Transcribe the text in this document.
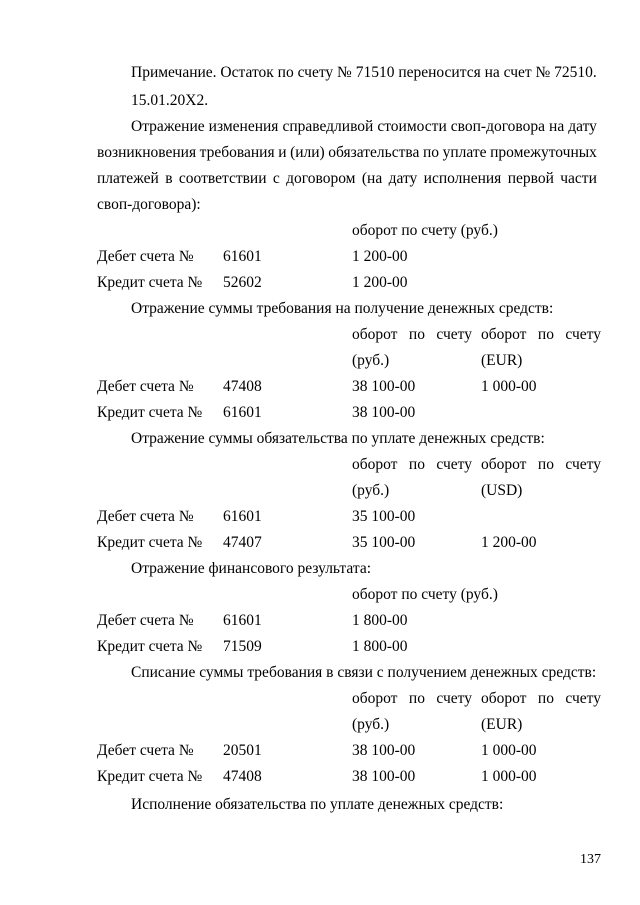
Примечание. Остаток по счету № 71510 переносится на счет № 72510.
15.01.20X2.
Отражение изменения справедливой стоимости своп-договора на дату
возникновения требования и (или) обязательства по уплате промежуточных
платежей в соответствии с договором (на дату исполнения первой части
своп-договора):
оборот по счету (руб.)
Дебет счета № 61601	1 200-00
Кредит счета № 52602	1 200-00
Отражение суммы требования на получение денежных средств:
оборот по счету оборот по счету
(руб.)	(EUR)
Дебет счета № 47408	38 100-00	1 000-00
Кредит счета № 61601	38 100-00
Отражение суммы обязательства по уплате денежных средств:
оборот по счету оборот по счету
(руб.)	(USD)
Дебет счета № 61601	35 100-00
Кредит счета № 47407	35 100-00	1 200-00
Отражение финансового результата:
оборот по счету (руб.)
Дебет счета № 61601	1 800-00
Кредит счета № 71509	1 800-00
Списание суммы требования в связи с получением денежных средств:
оборот по счету оборот по счету
(руб.)	(EUR)
Дебет счета № 20501	38 100-00	1 000-00
Кредит счета № 47408	38 100-00	1 000-00
Исполнение обязательства по уплате денежных средств:
137
